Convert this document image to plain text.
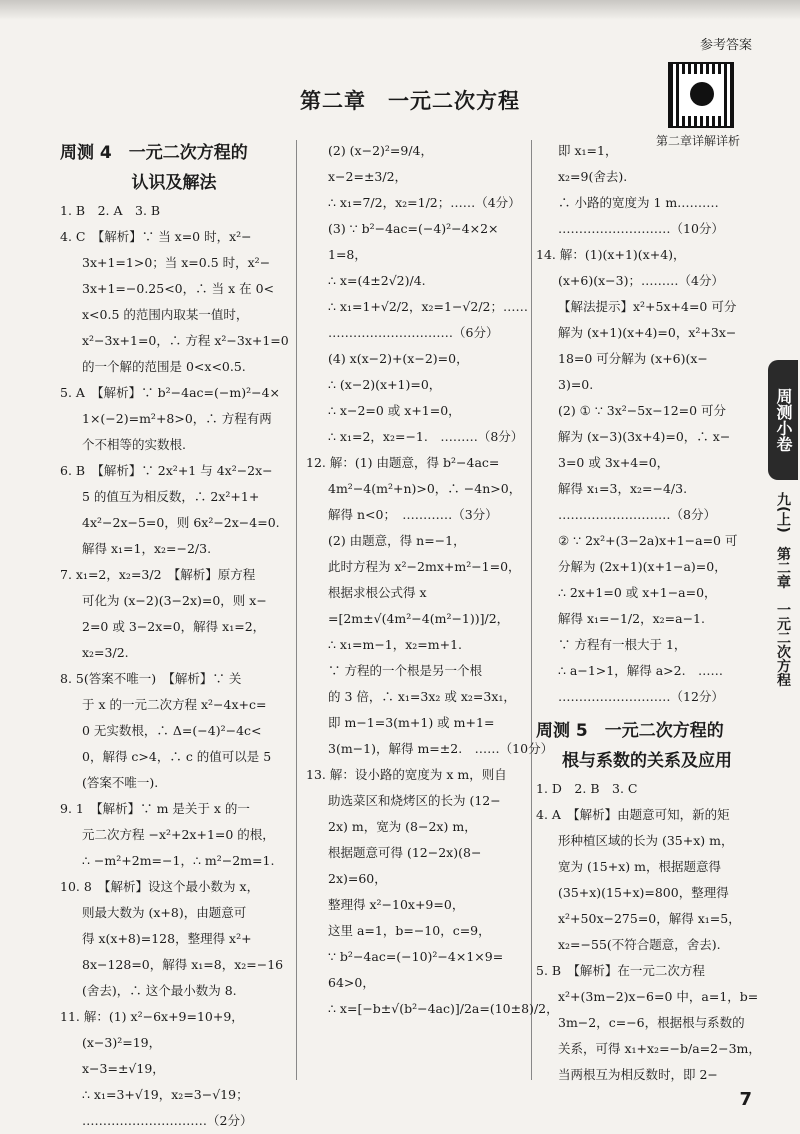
参考答案
第二章　一元二次方程
第二章详解详析
周测 4　一元二次方程的
认识及解法
1. B　2. A　3. B
4. C　【解析】∵ 当 x=0 时，x²−
3x+1=1>0；当 x=0.5 时，x²−
3x+1=−0.25<0，∴ 当 x 在 0<
x<0.5 的范围内取某一值时，
x²−3x+1=0，∴ 方程 x²−3x+1=0
的一个解的范围是 0<x<0.5.
5. A　【解析】∵ b²−4ac=(−m)²−4×
1×(−2)=m²+8>0，∴ 方程有两
个不相等的实数根.
6. B　【解析】∵ 2x²+1 与 4x²−2x−
5 的值互为相反数，∴ 2x²+1+
4x²−2x−5=0，则 6x²−2x−4=0.
解得 x₁=1，x₂=−2/3.
7. x₁=2，x₂=3/2　【解析】原方程
可化为 (x−2)(3−2x)=0，则 x−
2=0 或 3−2x=0，解得 x₁=2，
x₂=3/2.
8. 5(答案不唯一)　【解析】∵ 关
于 x 的一元二次方程 x²−4x+c=
0 无实数根，∴ Δ=(−4)²−4c<
0，解得 c>4，∴ c 的值可以是 5
(答案不唯一).
9. 1　【解析】∵ m 是关于 x 的一
元二次方程 −x²+2x+1=0 的根，
∴ −m²+2m=−1，∴ m²−2m=1.
10. 8　【解析】设这个最小数为 x，
则最大数为 (x+8)，由题意可
得 x(x+8)=128，整理得 x²+
8x−128=0，解得 x₁=8，x₂=−16
(舍去)，∴ 这个最小数为 8.
11. 解：(1) x²−6x+9=10+9，
(x−3)²=19，
x−3=±√19，
∴ x₁=3+√19，x₂=3−√19；
…………………………（2分）
(2) (x−2)²=9/4，
x−2=±3/2，
∴ x₁=7/2，x₂=1/2；……（4分）
(3) ∵ b²−4ac=(−4)²−4×2×
1=8，
∴ x=(4±2√2)/4.
∴ x₁=1+√2/2，x₂=1−√2/2；……
…………………………（6分）
(4) x(x−2)+(x−2)=0，
∴ (x−2)(x+1)=0，
∴ x−2=0 或 x+1=0，
∴ x₁=2，x₂=−1.　………（8分）
12. 解：(1) 由题意，得 b²−4ac=
4m²−4(m²+n)>0，∴ −4n>0，
解得 n<0；　…………（3分）
(2) 由题意，得 n=−1，
此时方程为 x²−2mx+m²−1=0，
根据求根公式得 x
=[2m±√(4m²−4(m²−1))]/2，
∴ x₁=m−1，x₂=m+1.
∵ 方程的一个根是另一个根
的 3 倍，∴ x₁=3x₂ 或 x₂=3x₁，
即 m−1=3(m+1) 或 m+1=
3(m−1)，解得 m=±2.　……（10分）
13. 解：设小路的宽度为 x m，则自
助选菜区和烧烤区的长为 (12−
2x) m，宽为 (8−2x) m，
根据题意可得 (12−2x)(8−
2x)=60，
整理得 x²−10x+9=0，
这里 a=1，b=−10，c=9，
∵ b²−4ac=(−10)²−4×1×9=
64>0，
∴ x=[−b±√(b²−4ac)]/2a=(10±8)/2，
即 x₁=1，
x₂=9(舍去).
∴ 小路的宽度为 1 m.………
………………………（10分）
14. 解：(1)(x+1)(x+4)，
(x+6)(x−3)；………（4分）
【解法提示】x²+5x+4=0 可分
解为 (x+1)(x+4)=0，x²+3x−
18=0 可分解为 (x+6)(x−
3)=0.
(2) ① ∵ 3x²−5x−12=0 可分
解为 (x−3)(3x+4)=0，∴ x−
3=0 或 3x+4=0，
解得 x₁=3，x₂=−4/3.
………………………（8分）
② ∵ 2x²+(3−2a)x+1−a=0 可
分解为 (2x+1)(x+1−a)=0，
∴ 2x+1=0 或 x+1−a=0，
解得 x₁=−1/2，x₂=a−1.
∵ 方程有一根大于 1，
∴ a−1>1，解得 a>2.　……
………………………（12分）
周测 5　一元二次方程的
根与系数的关系及应用
1. D　2. B　3. C
4. A　【解析】由题意可知，新的矩
形种植区域的长为 (35+x) m，
宽为 (15+x) m，根据题意得
(35+x)(15+x)=800，整理得
x²+50x−275=0，解得 x₁=5，
x₂=−55(不符合题意，舍去).
5. B　【解析】在一元二次方程
x²+(3m−2)x−6=0 中，a=1，b=
3m−2，c=−6，根据根与系数的
关系，可得 x₁+x₂=−b/a=2−3m，
当两根互为相反数时，即 2−
周测小卷
九(上)　第二章　一元二次方程
7
